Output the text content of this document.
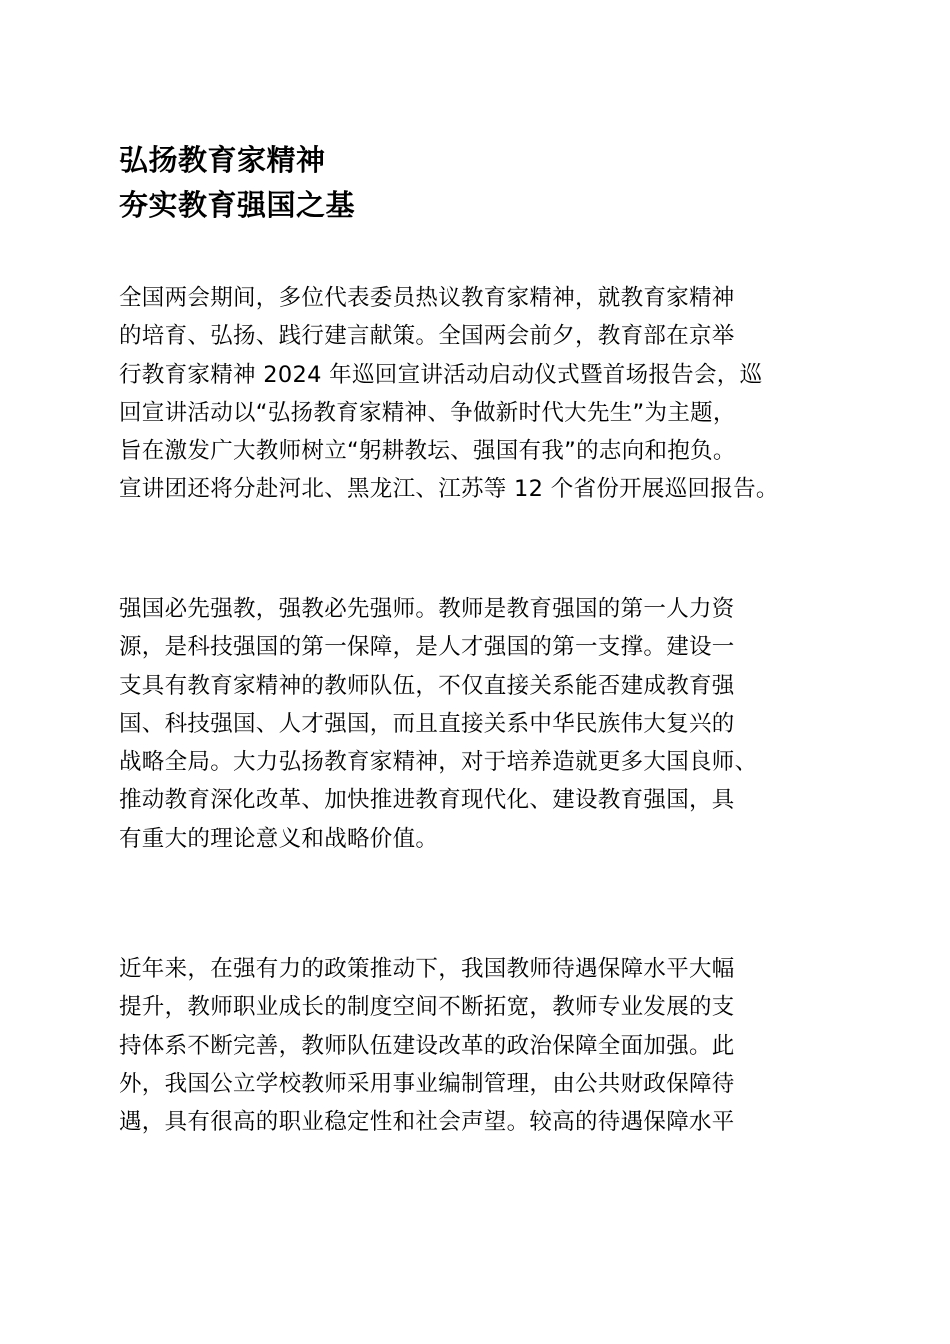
弘扬教育家精神
夯实教育强国之基
全国两会期间，多位代表委员热议教育家精神，就教育家精神
的培育、弘扬、践行建言献策。全国两会前夕，教育部在京举
行教育家精神 2024 年巡回宣讲活动启动仪式暨首场报告会，巡
回宣讲活动以“弘扬教育家精神、争做新时代大先生”为主题，
旨在激发广大教师树立“躬耕教坛、强国有我”的志向和抱负。
宣讲团还将分赴河北、黑龙江、江苏等 12 个省份开展巡回报告。
强国必先强教，强教必先强师。教师是教育强国的第一人力资
源，是科技强国的第一保障，是人才强国的第一支撑。建设一
支具有教育家精神的教师队伍，不仅直接关系能否建成教育强
国、科技强国、人才强国，而且直接关系中华民族伟大复兴的
战略全局。大力弘扬教育家精神，对于培养造就更多大国良师、
推动教育深化改革、加快推进教育现代化、建设教育强国，具
有重大的理论意义和战略价值。
近年来，在强有力的政策推动下，我国教师待遇保障水平大幅
提升，教师职业成长的制度空间不断拓宽，教师专业发展的支
持体系不断完善，教师队伍建设改革的政治保障全面加强。此
外，我国公立学校教师采用事业编制管理，由公共财政保障待
遇，具有很高的职业稳定性和社会声望。较高的待遇保障水平
